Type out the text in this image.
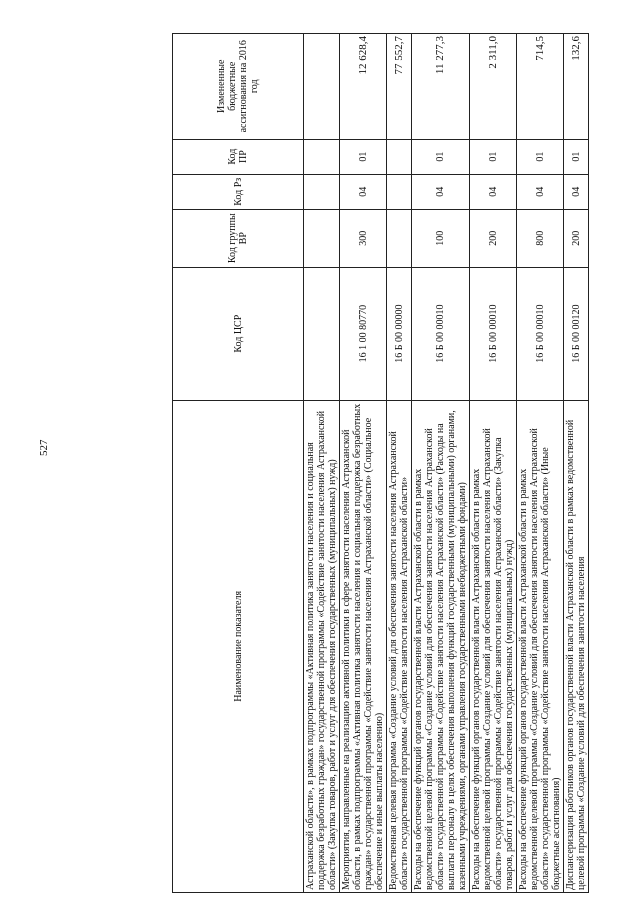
527
Наименование показателя	Код ЦСР	Код группы ВР	Код Рз	Код ПР	Измененные бюджетные ассигнования на 2016 год
Астраханской области», в рамках подпрограммы «Активная политика занятости населения и социальная поддержка безработных граждан» государственной программы «Содействие занятости населения Астраханской области» (Закупка товаров, работ и услуг для обеспечения государственных (муниципальных) нужд)					
Мероприятия, направленные на реализацию активной политики в сфере занятости населения Астраханской области, в рамках подпрограммы «Активная политика занятости населения и социальная поддержка безработных граждан» государственной программы «Содействие занятости населения Астраханской области» (Социальное обеспечение и иные выплаты населению)	16 1 00 80770	300	04	01	12 628,4
Ведомственная целевая программа «Создание условий для обеспечения занятости населения Астраханской области» государственной программы «Содействие занятости населения Астраханской области»	16 Б 00 00000				77 552,7
Расходы на обеспечение функций органов государственной власти Астраханской области в рамках ведомственной целевой программы «Создание условий для обеспечения занятости населения Астраханской области» государственной программы «Содействие занятости населения Астраханской области» (Расходы на выплаты персоналу в целях обеспечения выполнения функций государственными (муниципальными) органами, казенными учреждениями, органами управления государственными внебюджетными фондами)	16 Б 00 00010	100	04	01	11 277,3
Расходы на обеспечение функций органов государственной власти Астраханской области в рамках ведомственной целевой программы «Создание условий для обеспечения занятости населения Астраханской области» государственной программы «Содействие занятости населения Астраханской области» (Закупка товаров, работ и услуг для обеспечения государственных (муниципальных) нужд)	16 Б 00 00010	200	04	01	2 311,0
Расходы на обеспечение функций органов государственной власти Астраханской области в рамках ведомственной целевой программы «Создание условий для обеспечения занятости населения Астраханской области» государственной программы «Содействие занятости населения Астраханской области» (Иные бюджетные ассигнования)	16 Б 00 00010	800	04	01	714,5
Диспансеризация работников органов государственной власти Астраханской области в рамках ведомственной целевой программы «Создание условий для обеспечения занятости населения	16 Б 00 00120	200	04	01	132,6
